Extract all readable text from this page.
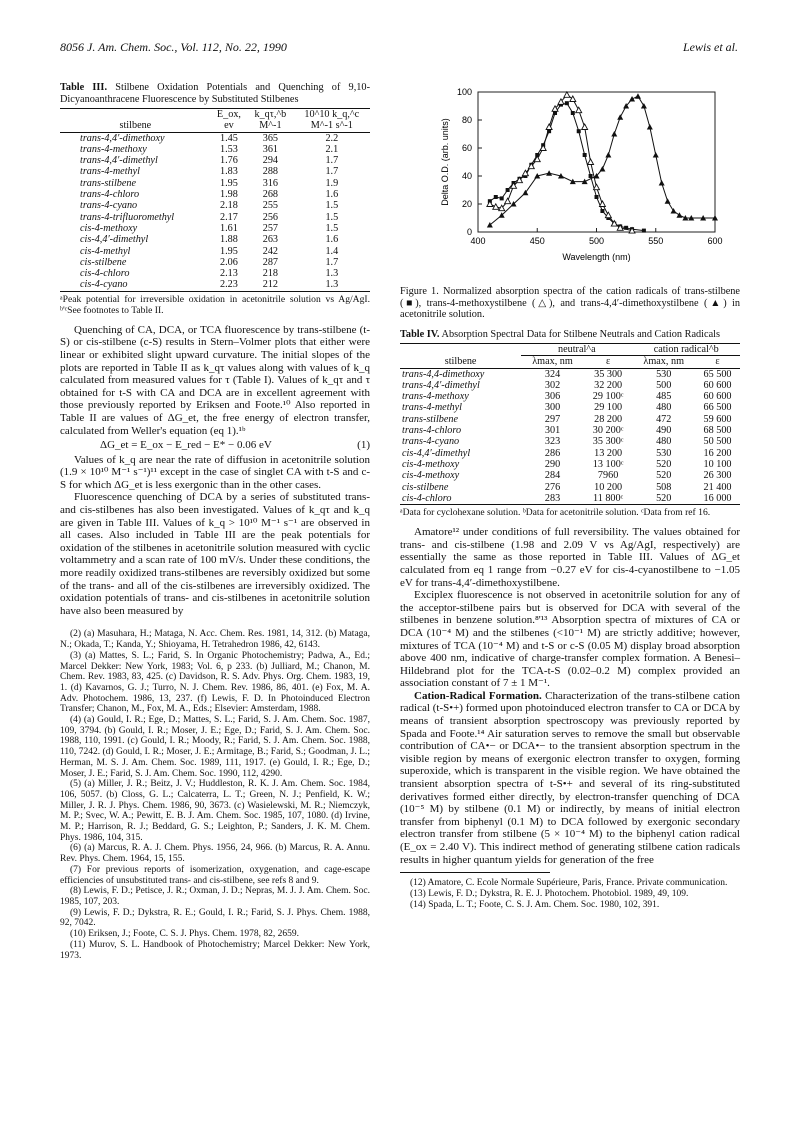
8056 J. Am. Chem. Soc., Vol. 112, No. 22, 1990	Lewis et al.

Table III. Stilbene Oxidation Potentials and Quenching of 9,10-Dicyanoanthracene Fluorescence by Substituted Stilbenes

	E_ox,	k_qτ,^b	10^10 k_q,^c
stilbene	ev	M^-1	M^-1 s^-1
trans-4,4′-dimethoxy	1.45	365	2.2
trans-4-methoxy	1.53	361	2.1
trans-4,4′-dimethyl	1.76	294	1.7
trans-4-methyl	1.83	288	1.7
trans-stilbene	1.95	316	1.9
trans-4-chloro	1.98	268	1.6
trans-4-cyano	2.18	255	1.5
trans-4-trifluoromethyl	2.17	256	1.5
cis-4-methoxy	1.61	257	1.5
cis-4,4′-dimethyl	1.88	263	1.6
cis-4-methyl	1.95	242	1.4
cis-stilbene	2.06	287	1.7
cis-4-chloro	2.13	218	1.3
cis-4-cyano	2.23	212	1.3

ᵃPeak potential for irreversible oxidation in acetonitrile solution vs Ag/AgI. ᵇ'ᶜSee footnotes to Table II.

Quenching of CA, DCA, or TCA fluorescence by trans-stilbene (t-S) or cis-stilbene (c-S) results in Stern–Volmer plots that either were linear or exhibited slight upward curvature. The initial slopes of the plots are reported in Table II as k_qτ values along with values of k_q calculated from measured values for τ (Table I). Values of k_qτ and τ obtained for t-S with CA and DCA are in excellent agreement with those previously reported by Eriksen and Foote.¹⁰ Also reported in Table II are values of ΔG_et, the free energy of electron transfer, calculated from Weller's equation (eq 1).¹ᵇ

ΔG_et = E_ox − E_red − E* − 0.06 eV	(1)

Values of k_q are near the rate of diffusion in acetonitrile solution (1.9 × 10¹⁰ M⁻¹ s⁻¹)¹¹ except in the case of singlet CA with t-S and c-S for which ΔG_et is less exergonic than in the other cases.

Fluorescence quenching of DCA by a series of substituted trans- and cis-stilbenes has also been investigated. Values of k_qτ and k_q are given in Table III. Values of k_q > 10¹⁰ M⁻¹ s⁻¹ are observed in all cases. Also included in Table III are the peak potentials for oxidation of the stilbenes in acetonitrile solution measured with cyclic voltammetry and a scan rate of 100 mV/s. Under these conditions, the more readily oxidized trans-stilbenes are reversibly oxidized but some of the trans- and all of the cis-stilbenes are irreversibly oxidized. The oxidation potentials of trans- and cis-stilbenes in acetonitrile solution have also been measured by

(2) (a) Masuhara, H.; Mataga, N. Acc. Chem. Res. 1981, 14, 312. (b) Mataga, N.; Okada, T.; Kanda, Y.; Shioyama, H. Tetrahedron 1986, 42, 6143.

(3) (a) Mattes, S. L.; Farid, S. In Organic Photochemistry; Padwa, A., Ed.; Marcel Dekker: New York, 1983; Vol. 6, p 233. (b) Julliard, M.; Chanon, M. Chem. Rev. 1983, 83, 425. (c) Davidson, R. S. Adv. Phys. Org. Chem. 1983, 19, 1. (d) Kavarnos, G. J.; Turro, N. J. Chem. Rev. 1986, 86, 401. (e) Fox, M. A. Adv. Photochem. 1986, 13, 237. (f) Lewis, F. D. In Photoinduced Electron Transfer; Chanon, M., Fox, M. A., Eds.; Elsevier: Amsterdam, 1988.

(4) (a) Gould, I. R.; Ege, D.; Mattes, S. L.; Farid, S. J. Am. Chem. Soc. 1987, 109, 3794. (b) Gould, I. R.; Moser, J. E.; Ege, D.; Farid, S. J. Am. Chem. Soc. 1988, 110, 1991. (c) Gould, I. R.; Moody, R.; Farid, S. J. Am. Chem. Soc. 1988, 110, 7242. (d) Gould, I. R.; Moser, J. E.; Armitage, B.; Farid, S.; Goodman, J. L.; Herman, M. S. J. Am. Chem. Soc. 1989, 111, 1917. (e) Gould, I. R.; Ege, D.; Moser, J. E.; Farid, S. J. Am. Chem. Soc. 1990, 112, 4290.

(5) (a) Miller, J. R.; Beitz, J. V.; Huddleston, R. K. J. Am. Chem. Soc. 1984, 106, 5057. (b) Closs, G. L.; Calcaterra, L. T.; Green, N. J.; Penfield, K. W.; Miller, J. R. J. Phys. Chem. 1986, 90, 3673. (c) Wasielewski, M. R.; Niemczyk, M. P.; Svec, W. A.; Pewitt, E. B. J. Am. Chem. Soc. 1985, 107, 1080. (d) Irvine, M. P.; Harrison, R. J.; Beddard, G. S.; Leighton, P.; Sanders, J. K. M. Chem. Phys. 1986, 104, 315.

(6) (a) Marcus, R. A. J. Chem. Phys. 1956, 24, 966. (b) Marcus, R. A. Annu. Rev. Phys. Chem. 1964, 15, 155.

(7) For previous reports of isomerization, oxygenation, and cage-escape efficiencies of unsubstituted trans- and cis-stilbene, see refs 8 and 9.

(8) Lewis, F. D.; Petisce, J. R.; Oxman, J. D.; Nepras, M. J. J. Am. Chem. Soc. 1985, 107, 203.

(9) Lewis, F. D.; Dykstra, R. E.; Gould, I. R.; Farid, S. J. Phys. Chem. 1988, 92, 7042.

(10) Eriksen, J.; Foote, C. S. J. Phys. Chem. 1978, 82, 2659.

(11) Murov, S. L. Handbook of Photochemistry; Marcel Dekker: New York, 1973.

400	450	500	550	600
0
20
40
60
80
100
Wavelength (nm)
Delta O.D. (arb. units)

Figure 1. Normalized absorption spectra of the cation radicals of trans-stilbene (■), trans-4-methoxystilbene (△), and trans-4,4′-dimethoxystilbene (▲) in acetonitrile solution.

Table IV. Absorption Spectral Data for Stilbene Neutrals and Cation Radicals

	neutral^a		cation radical^b	
stilbene	λmax, nm	ε	λmax, nm	ε
trans-4,4-dimethoxy	324	35 300	530	65 500
trans-4,4′-dimethyl	302	32 200	500	60 600
trans-4-methoxy	306	29 100ᶜ	485	60 600
trans-4-methyl	300	29 100	480	66 500
trans-stilbene	297	28 200	472	59 600
trans-4-chloro	301	30 200ᶜ	490	68 500
trans-4-cyano	323	35 300ᶜ	480	50 500
cis-4,4′-dimethyl	286	13 200	530	16 200
cis-4-methoxy	290	13 100ᶜ	520	10 100
cis-4-methoxy	284	7960	520	26 300
cis-stilbene	276	10 200	508	21 400
cis-4-chloro	283	11 800ᶜ	520	16 000

ᵃData for cyclohexane solution. ᵇData for acetonitrile solution. ᶜData from ref 16.

Amatore¹² under conditions of full reversibility. The values obtained for trans- and cis-stilbene (1.98 and 2.09 V vs Ag/AgI, respectively) are essentially the same as those reported in Table III. Values of ΔG_et calculated from eq 1 range from −0.27 eV for cis-4-cyanostilbene to −1.05 eV for trans-4,4′-dimethoxystilbene.

Exciplex fluorescence is not observed in acetonitrile solution for any of the acceptor-stilbene pairs but is observed for DCA with several of the stilbenes in benzene solution.⁸'¹³ Absorption spectra of mixtures of CA or DCA (10⁻⁴ M) and the stilbenes (<10⁻¹ M) are strictly additive; however, mixtures of TCA (10⁻⁴ M) and t-S or c-S (0.05 M) display broad absorption above 400 nm, indicative of charge-transfer complex formation. A Benesi–Hildebrand plot for the TCA-t-S (0.02–0.2 M) complex provided an association constant of 7 ± 1 M⁻¹.

Cation-Radical Formation. Characterization of the trans-stilbene cation radical (t-S•+) formed upon photoinduced electron transfer to CA or DCA by means of transient absorption spectroscopy was previously reported by Spada and Foote.¹⁴ Air saturation serves to remove the small but observable contribution of CA•− or DCA•− to the transient absorption spectrum in the visible region by means of exergonic electron transfer to oxygen, forming superoxide, which is transparent in the visible region. We have obtained the transient absorption spectra of t-S•+ and several of its ring-substituted derivatives formed either directly, by electron-transfer quenching of DCA (10⁻⁵ M) by stilbene (0.1 M) or indirectly, by means of initial electron transfer from biphenyl (0.1 M) to DCA followed by exergonic secondary electron transfer from stilbene (5 × 10⁻⁴ M) to the biphenyl cation radical (E_ox = 2.40 V). This indirect method of generating stilbene cation radicals results in higher quantum yields for generation of the free

(12) Amatore, C. Ecole Normale Supérieure, Paris, France. Private communication.

(13) Lewis, F. D.; Dykstra, R. E. J. Photochem. Photobiol. 1989, 49, 109.

(14) Spada, L. T.; Foote, C. S. J. Am. Chem. Soc. 1980, 102, 391.
